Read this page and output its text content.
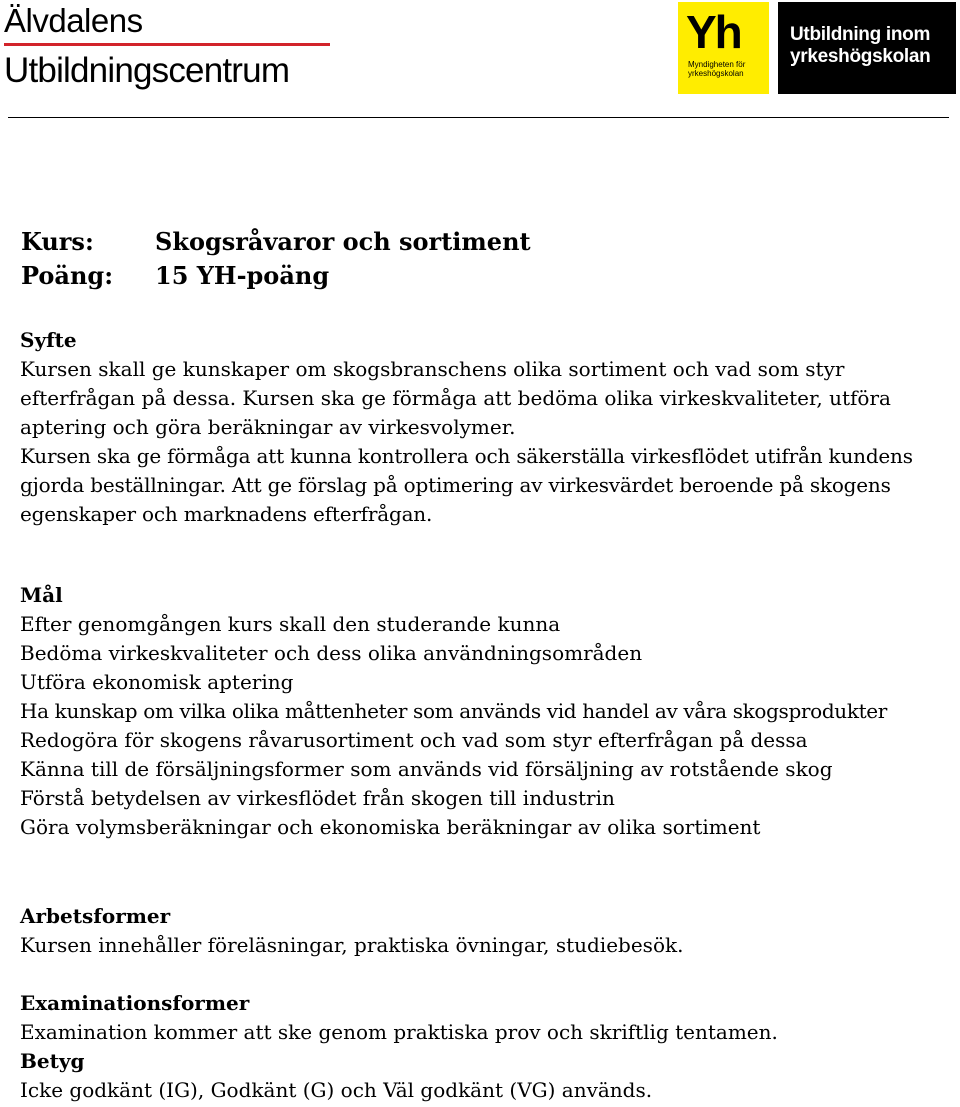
Älvdalens
Utbildningscentrum
Yh
Myndigheten för yrkeshögskolan
Utbildning inom
yrkeshögskolan
Kurs:	Skogsråvaror och sortiment
Poäng:	15 YH-poäng
Syfte

Kursen skall ge kunskaper om skogsbranschens olika sortiment och vad som styr efterfrågan på dessa. Kursen ska ge förmåga att bedöma olika virkeskvaliteter, utföra aptering och göra beräkningar av virkesvolymer.

Kursen ska ge förmåga att kunna kontrollera och säkerställa virkesflödet utifrån kundens gjorda beställningar. Att ge förslag på optimering av virkesvärdet beroende på skogens egenskaper och marknadens efterfrågan.

Mål
Efter genomgången kurs skall den studerande kunna
Bedöma virkeskvaliteter och dess olika användningsområden
Utföra ekonomisk aptering
Ha kunskap om vilka olika måttenheter som används vid handel av våra skogsprodukter
Redogöra för skogens råvarusortiment och vad som styr efterfrågan på dessa
Känna till de försäljningsformer som används vid försäljning av rotstående skog
Förstå betydelsen av virkesflödet från skogen till industrin
Göra volymsberäkningar och ekonomiska beräkningar av olika sortiment
Arbetsformer
Kursen innehåller föreläsningar, praktiska övningar, studiebesök.
Examinationsformer
Examination kommer att ske genom praktiska prov och skriftlig tentamen.
Betyg
Icke godkänt (IG), Godkänt (G) och Väl godkänt (VG) används.
